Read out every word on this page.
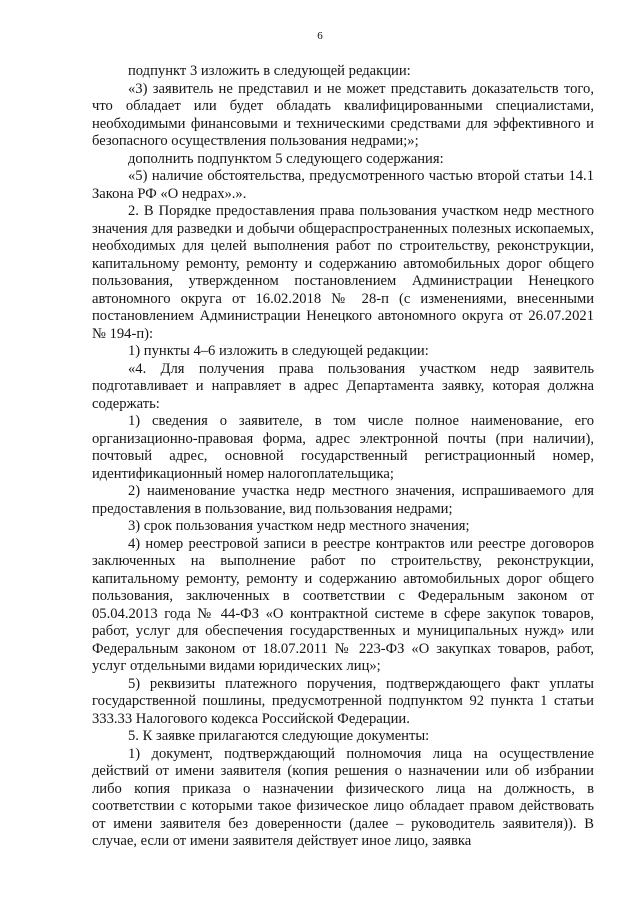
6

подпункт 3 изложить в следующей редакции:

«3) заявитель не представил и не может представить доказательств того, что обладает или будет обладать квалифицированными специалистами, необходимыми финансовыми и техническими средствами для эффективного и безопасного осуществления пользования недрами;»;

дополнить подпунктом 5 следующего содержания:

«5) наличие обстоятельства, предусмотренного частью второй статьи 14.1 Закона РФ «О недрах».».

2. В Порядке предоставления права пользования участком недр местного значения для разведки и добычи общераспространенных полезных ископаемых, необходимых для целей выполнения работ по строительству, реконструкции, капитальному ремонту, ремонту и содержанию автомобильных дорог общего пользования, утвержденном постановлением Администрации Ненецкого автономного округа от 16.02.2018 № 28-п (с изменениями, внесенными постановлением Администрации Ненецкого автономного округа от 26.07.2021 № 194-п):

1) пункты 4–6 изложить в следующей редакции:

«4. Для получения права пользования участком недр заявитель подготавливает и направляет в адрес Департамента заявку, которая должна содержать:

1) сведения о заявителе, в том числе полное наименование, его организационно-правовая форма, адрес электронной почты (при наличии), почтовый адрес, основной государственный регистрационный номер, идентификационный номер налогоплательщика;

2) наименование участка недр местного значения, испрашиваемого для предоставления в пользование, вид пользования недрами;

3) срок пользования участком недр местного значения;

4) номер реестровой записи в реестре контрактов или реестре договоров заключенных на выполнение работ по строительству, реконструкции, капитальному ремонту, ремонту и содержанию автомобильных дорог общего пользования, заключенных в соответствии с Федеральным законом от 05.04.2013 года № 44-ФЗ «О контрактной системе в сфере закупок товаров, работ, услуг для обеспечения государственных и муниципальных нужд» или Федеральным законом от 18.07.2011 № 223-ФЗ «О закупках товаров, работ, услуг отдельными видами юридических лиц»;

5) реквизиты платежного поручения, подтверждающего факт уплаты государственной пошлины, предусмотренной подпунктом 92 пункта 1 статьи 333.33 Налогового кодекса Российской Федерации.

5. К заявке прилагаются следующие документы:

1) документ, подтверждающий полномочия лица на осуществление действий от имени заявителя (копия решения о назначении или об избрании либо копия приказа о назначении физического лица на должность, в соответствии с которыми такое физическое лицо обладает правом действовать от имени заявителя без доверенности (далее – руководитель заявителя)). В случае, если от имени заявителя действует иное лицо, заявка
